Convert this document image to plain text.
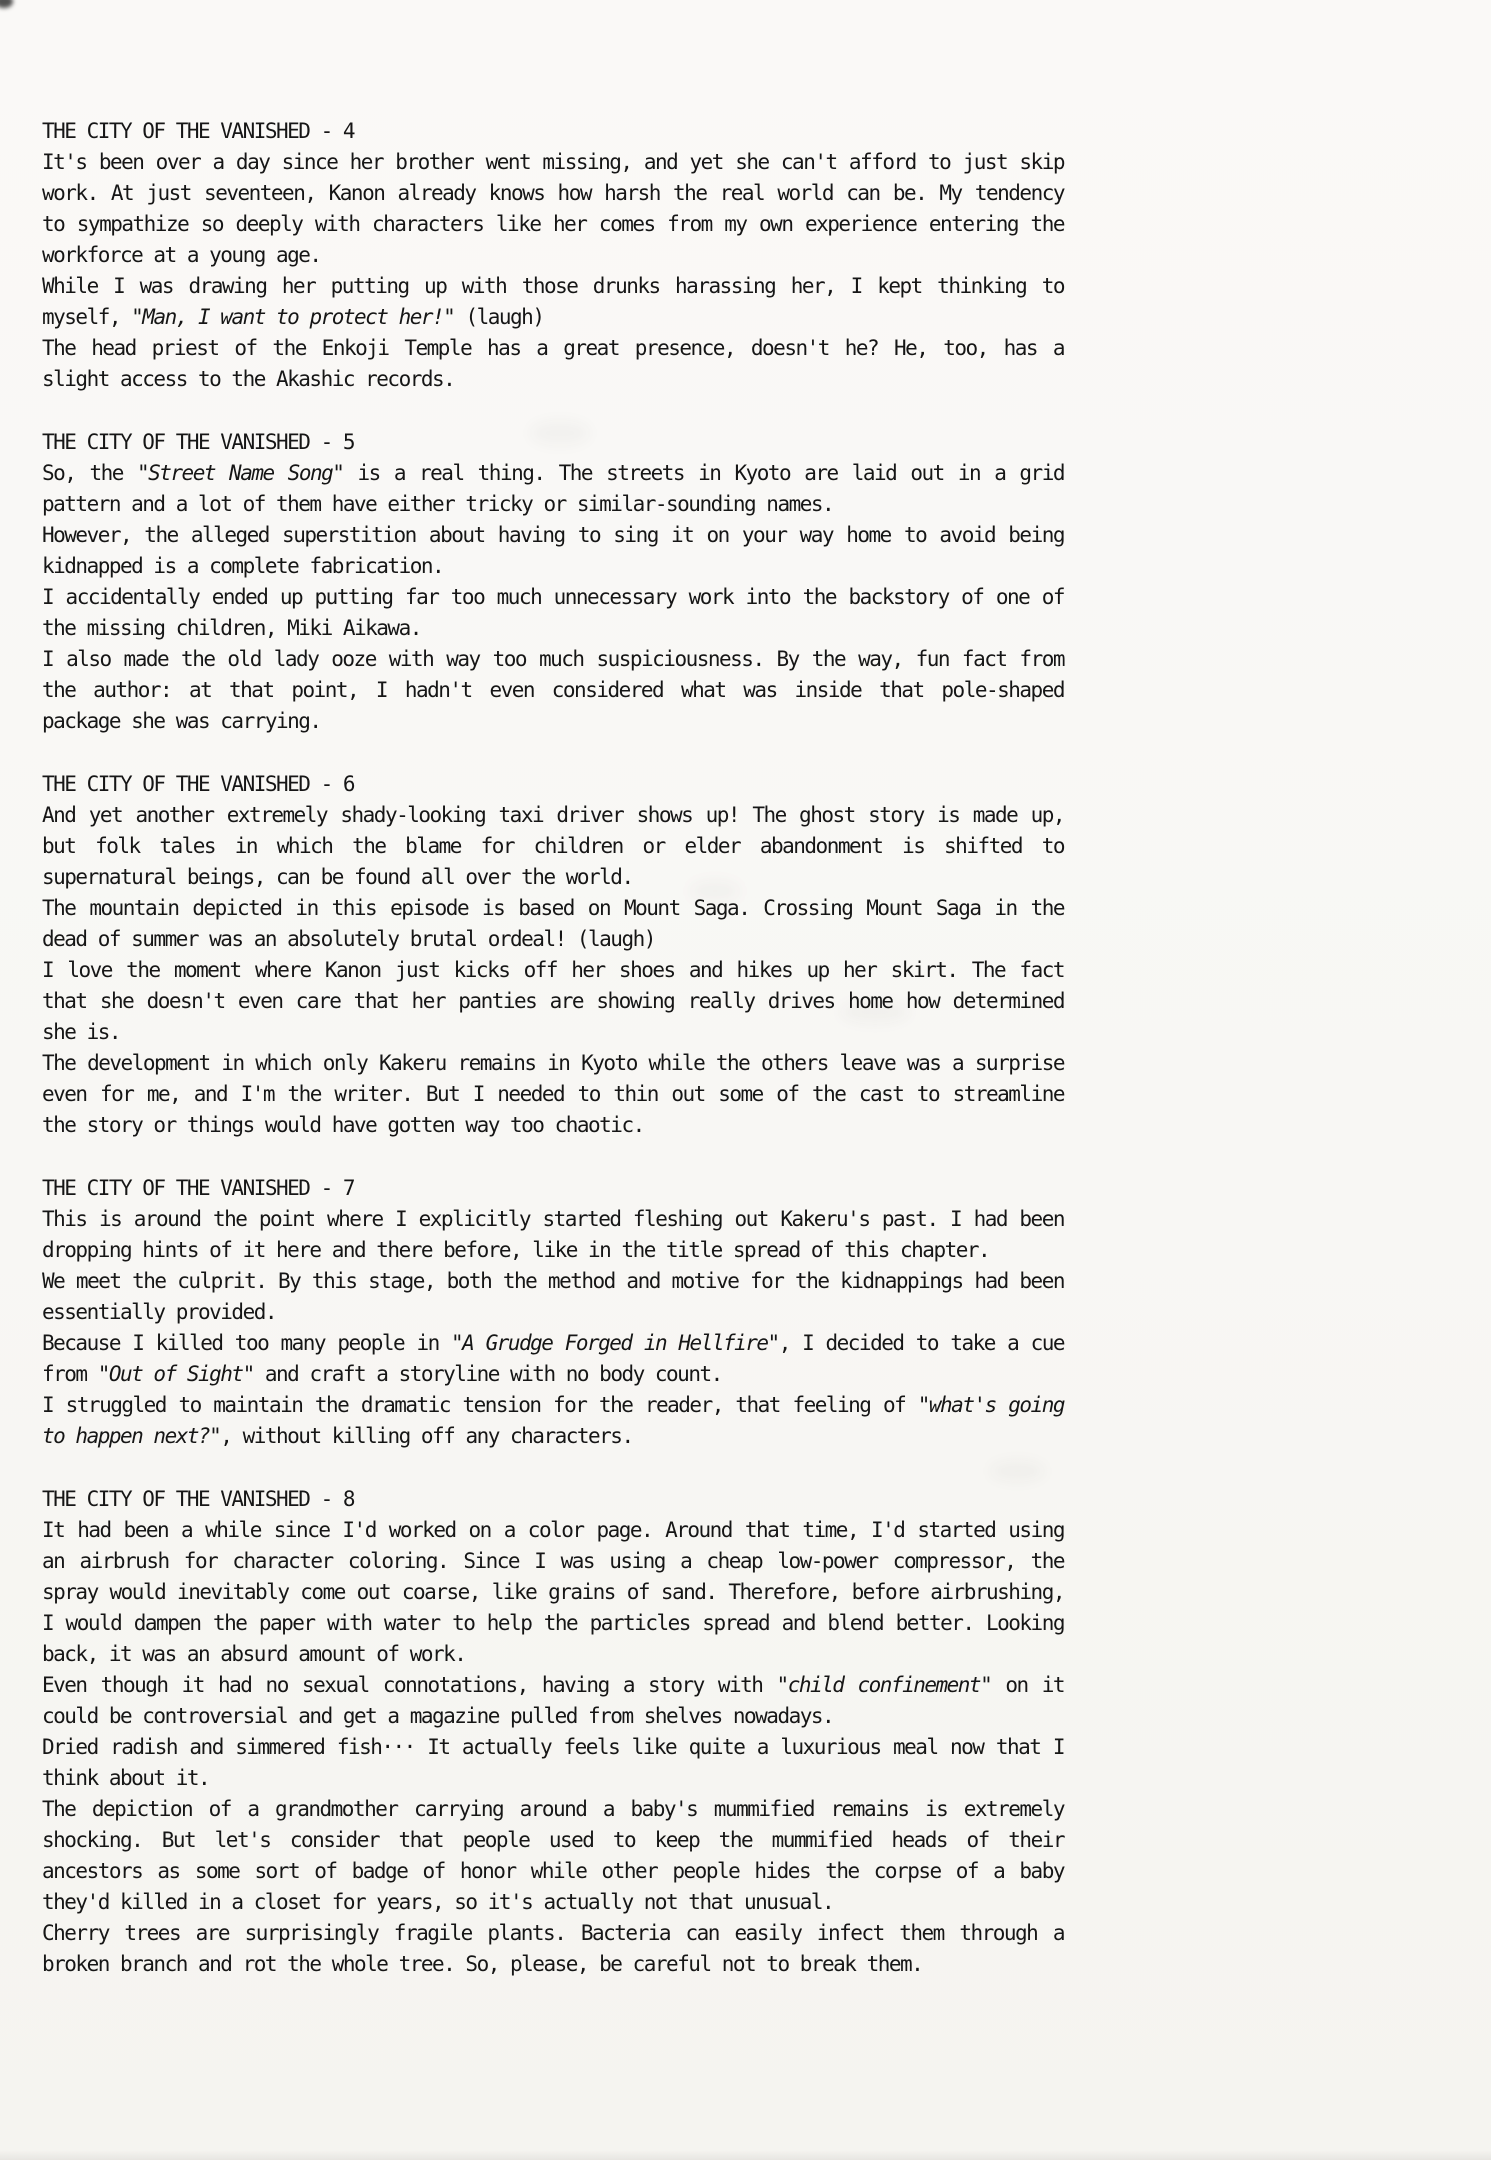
THE CITY OF THE VANISHED - 4

It's been over a day since her brother went missing, and yet she can't afford to just skip work. At just seventeen, Kanon already knows how harsh the real world can be. My tendency to sympathize so deeply with characters like her comes from my own experience entering the workforce at a young age.

While I was drawing her putting up with those drunks harassing her, I kept thinking to myself, "Man, I want to protect her!" (laugh)

The head priest of the Enkoji Temple has a great presence, doesn't he? He, too, has a slight access to the Akashic records.

THE CITY OF THE VANISHED - 5

So, the "Street Name Song" is a real thing. The streets in Kyoto are laid out in a grid pattern and a lot of them have either tricky or similar-sounding names.

However, the alleged superstition about having to sing it on your way home to avoid being kidnapped is a complete fabrication.

I accidentally ended up putting far too much unnecessary work into the backstory of one of the missing children, Miki Aikawa.

I also made the old lady ooze with way too much suspiciousness. By the way, fun fact from the author: at that point, I hadn't even considered what was inside that pole-shaped package she was carrying.

THE CITY OF THE VANISHED - 6

And yet another extremely shady-looking taxi driver shows up! The ghost story is made up, but folk tales in which the blame for children or elder abandonment is shifted to supernatural beings, can be found all over the world.

The mountain depicted in this episode is based on Mount Saga. Crossing Mount Saga in the dead of summer was an absolutely brutal ordeal! (laugh)

I love the moment where Kanon just kicks off her shoes and hikes up her skirt. The fact that she doesn't even care that her panties are showing really drives home how determined she is.

The development in which only Kakeru remains in Kyoto while the others leave was a surprise even for me, and I'm the writer. But I needed to thin out some of the cast to streamline the story or things would have gotten way too chaotic.

THE CITY OF THE VANISHED - 7

This is around the point where I explicitly started fleshing out Kakeru's past. I had been dropping hints of it here and there before, like in the title spread of this chapter.

We meet the culprit. By this stage, both the method and motive for the kidnappings had been essentially provided.

Because I killed too many people in "A Grudge Forged in Hellfire", I decided to take a cue from "Out of Sight" and craft a storyline with no body count.

I struggled to maintain the dramatic tension for the reader, that feeling of "what's going to happen next?", without killing off any characters.

THE CITY OF THE VANISHED - 8

It had been a while since I'd worked on a color page. Around that time, I'd started using an airbrush for character coloring. Since I was using a cheap low-power compressor, the spray would inevitably come out coarse, like grains of sand. Therefore, before airbrushing, I would dampen the paper with water to help the particles spread and blend better. Looking back, it was an absurd amount of work.

Even though it had no sexual connotations, having a story with "child confinement" on it could be controversial and get a magazine pulled from shelves nowadays.

Dried radish and simmered fish··· It actually feels like quite a luxurious meal now that I think about it.

The depiction of a grandmother carrying around a baby's mummified remains is extremely shocking. But let's consider that people used to keep the mummified heads of their ancestors as some sort of badge of honor while other people hides the corpse of a baby they'd killed in a closet for years, so it's actually not that unusual.

Cherry trees are surprisingly fragile plants. Bacteria can easily infect them through a broken branch and rot the whole tree. So, please, be careful not to break them.
